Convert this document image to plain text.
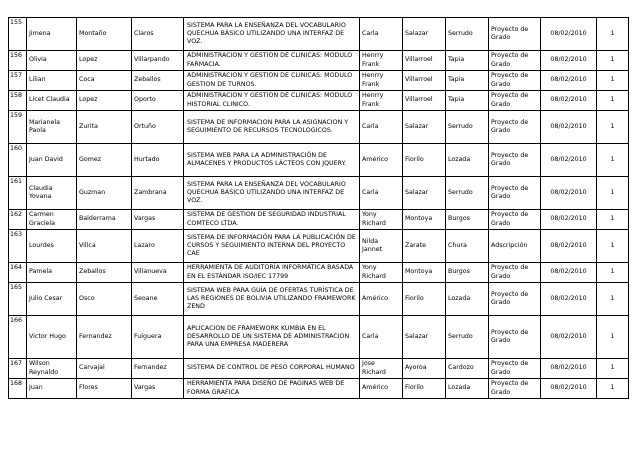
155	Jimena	Montaño	Claros	SISTEMA PARA LA ENSEÑANZA DEL VOCABULARIO QUECHUA BÁSICO UTILIZANDO UNA INTERFAZ DE VOZ.	Carla	Salazar	Serrudo	Proyecto de Grado	08/02/2010	1
156	Olivia	Lopez	Villarpando	ADMINISTRACION Y GESTION DE CLINICAS: MODULO FARMACIA.	Henrry Frank	Villarroel	Tapia	Proyecto de Grado	08/02/2010	1
157	Lilian	Coca	Zeballos	ADMINISTRACION Y GESTION DE CLINICAS: MODULO GESTION DE TURNOS.	Henrry Frank	Villarroel	Tapia	Proyecto de Grado	08/02/2010	1
158	Licet Claudia	Lopez	Oporto	ADMINISTRACION Y GESTION DE CLINICAS: MODULO HISTORIAL CLINICO.	Henrry Frank	Villarroel	Tapia	Proyecto de Grado	08/02/2010	1
159	Marianela Paola	Zurita	Ortuño	SISTEMA DE INFORMACION PARA LA ASIGNACION Y SEGUIMIENTO DE RECURSOS TECNOLOGICOS.	Carla	Salazar	Serrudo	Proyecto de Grado	08/02/2010	1
160	Juan David	Gomez	Hurtado	SISTEMA WEB PARA LA ADMINISTRACIÓN DE ALMACENES Y PRODUCTOS LÁCTEOS CON JQUERY.	Américo	Fiorilo	Lozada	Proyecto de Grado	08/02/2010	1
161	Claudia Yovana	Guzman	Zambrana	SISTEMA PARA LA ENSEÑANZA DEL VOCABULARIO QUECHUA BÁSICO UTILIZANDO UNA INTERFAZ DE VOZ.	Carla	Salazar	Serrudo	Proyecto de Grado	08/02/2010	1
162	Carmen Graciela	Balderrama	Vargas	SISTEMA DE GESTION DE SEGURIDAD INDUSTRIAL COMTECO LTDA.	Yony Richard	Montoya	Burgos	Proyecto de Grado	08/02/2010	1
163	Lourdes	Villca	Lazaro	SISTEMA DE INFORMACIÓN PARA LA PUBLICACIÓN DE CURSOS Y SEGUIMIENTO INTERNA DEL PROYECTO CAE	Nilda Jannet	Zarate	Chura	Adscripción	08/02/2010	1
164	Pamela	Zeballos	Villanueva	HERRAMIENTA DE AUDITORÍA INFORMÁTICA BASADA EN EL ESTÁNDAR ISO/IEC 17799	Yony Richard	Montoya	Burgos	Proyecto de Grado	08/02/2010	1
165	Julio Cesar	Osco	Seoane	SISTEMA WEB PARA GUÍA DE OFERTAS TURÍSTICA DE LAS REGIONES DE BOLIVIA UTILIZANDO FRAMEWORK ZEND	Américo	Fiorilo	Lozada	Proyecto de Grado	08/02/2010	1
166	Victor Hugo	Fernandez	Fulguera	APLICACION DE FRAMEWORK KUMBIA EN EL DESARROLLO DE UN SISTEMA DE ADMINISTRACION PARA UNA EMPRESA MADERERA	Carla	Salazar	Serrudo	Proyecto de Grado	08/02/2010	1
167	Wilson Reynaldo	Carvajal	Fernandez	SISTEMA DE CONTROL DE PESO CORPORAL HUMANO	Jose Richard	Ayoroa	Cardozo	Proyecto de Grado	08/02/2010	1
168	Juan	Flores	Vargas	HERRAMIENTA PARA DISEÑO DE PAGINAS WEB DE FORMA GRAFICA	Américo	Fiorilo	Lozada	Proyecto de Grado	08/02/2010	1
